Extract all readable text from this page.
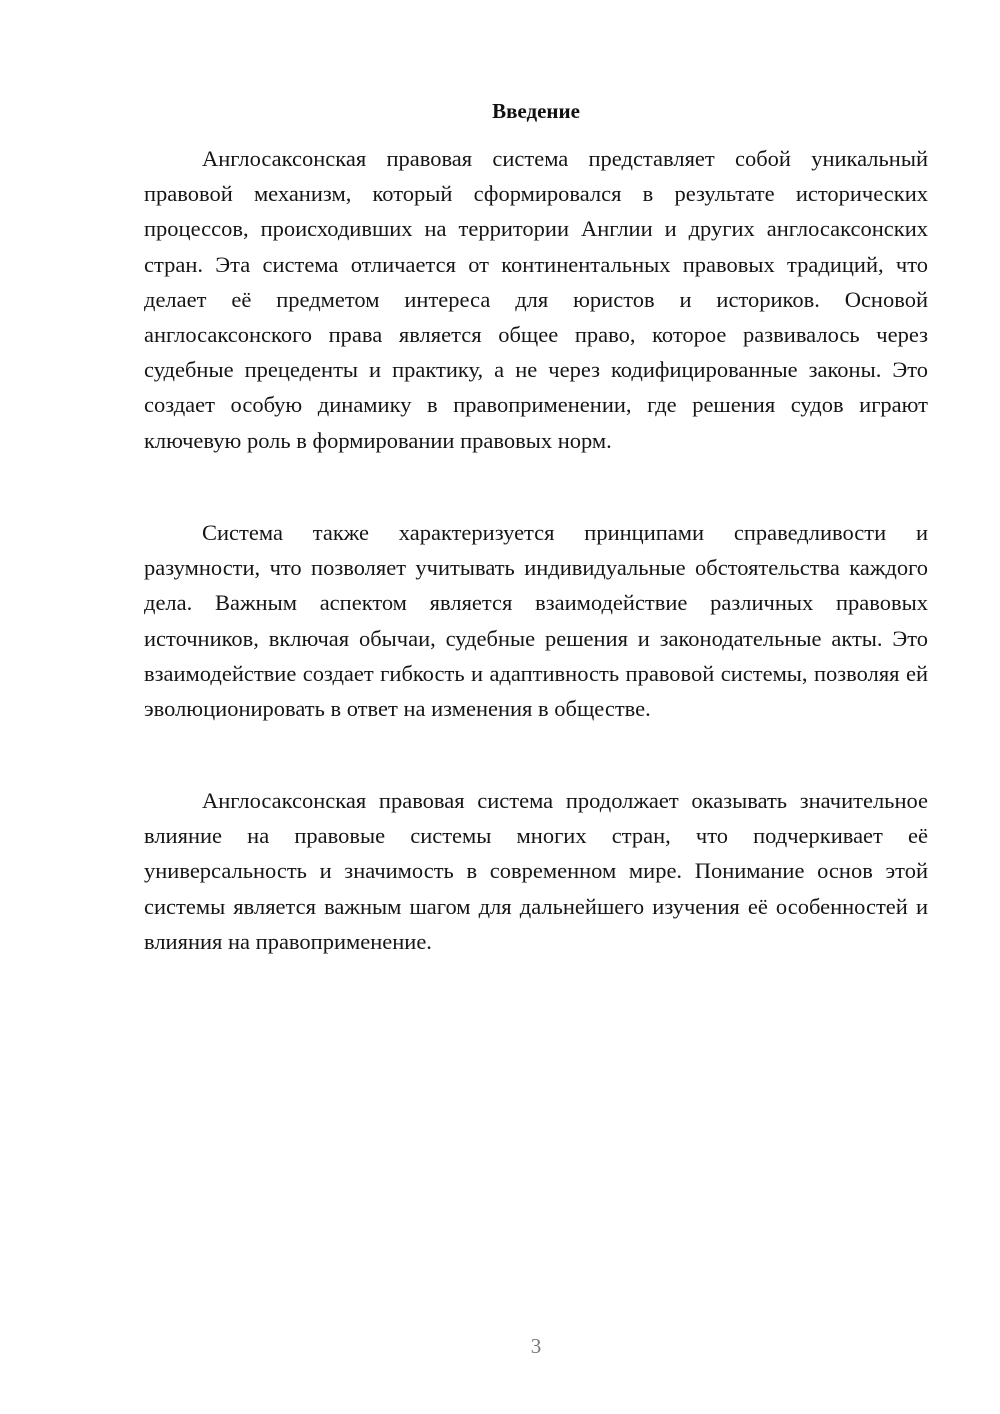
Введение

Англосаксонская правовая система представляет собой уникальный правовой механизм, который сформировался в результате исторических процессов, происходивших на территории Англии и других англосаксонских стран. Эта система отличается от континентальных правовых традиций, что делает её предметом интереса для юристов и историков. Основой англосаксонского права является общее право, которое развивалось через судебные прецеденты и практику, а не через кодифицированные законы. Это создает особую динамику в правоприменении, где решения судов играют ключевую роль в формировании правовых норм.

Система также характеризуется принципами справедливости и разумности, что позволяет учитывать индивидуальные обстоятельства каждого дела. Важным аспектом является взаимодействие различных правовых источников, включая обычаи, судебные решения и законодательные акты. Это взаимодействие создает гибкость и адаптивность правовой системы, позволяя ей эволюционировать в ответ на изменения в обществе.

Англосаксонская правовая система продолжает оказывать значительное влияние на правовые системы многих стран, что подчеркивает её универсальность и значимость в современном мире. Понимание основ этой системы является важным шагом для дальнейшего изучения её особенностей и влияния на правоприменение.

3
